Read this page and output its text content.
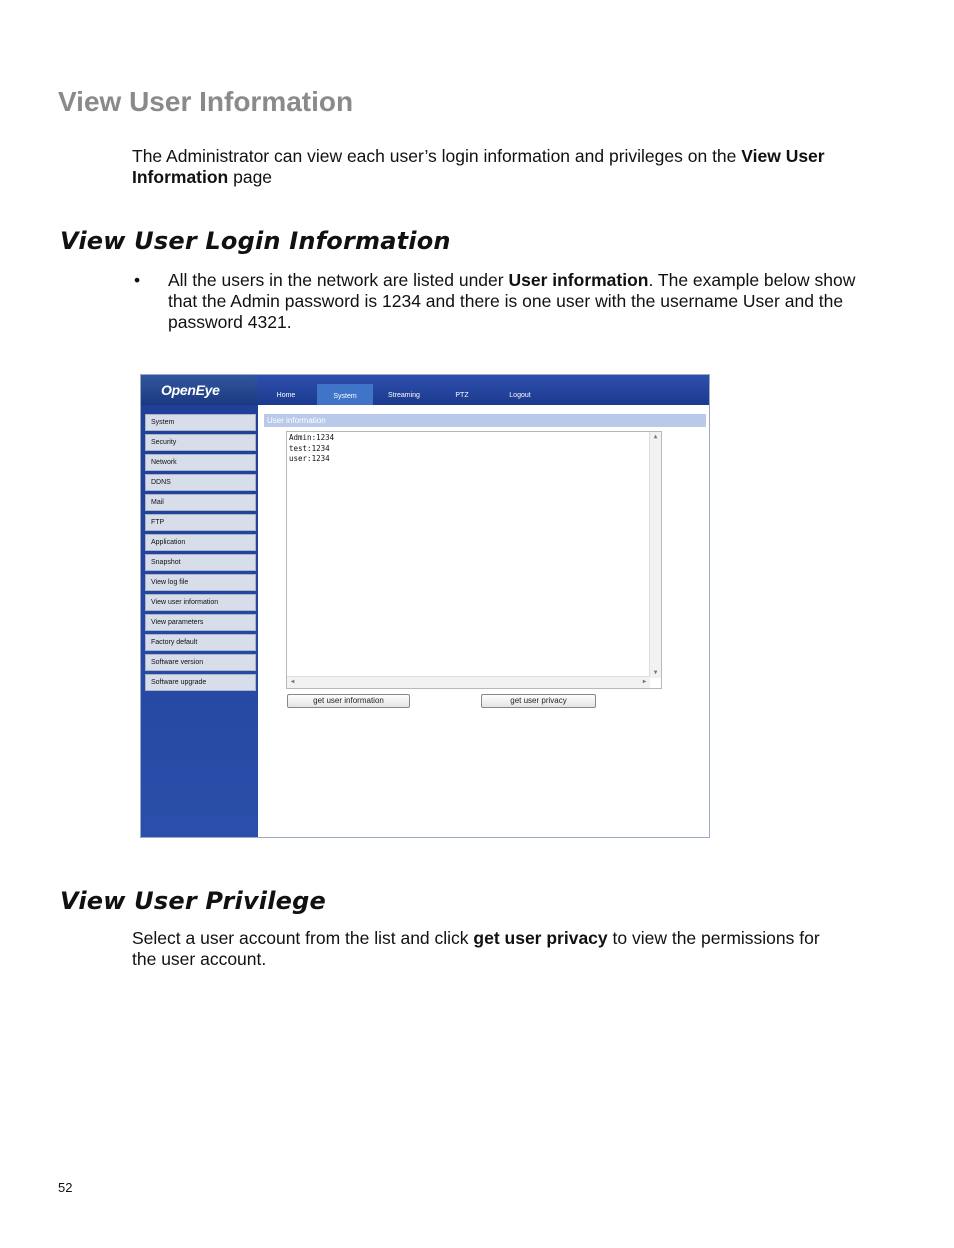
View User Information
The Administrator can view each user’s login information and privileges on the View User Information page
View User Login Information
• All the users in the network are listed under User information. The example below show that the Admin password is 1234 and there is one user with the username User and the password 4321.
OpenEye	Home	System	Streaming	PTZ	Logout
System
Security
Network
DDNS
Mail
FTP
Application
Snapshot
View log file
View user information
View parameters
Factory default
Software version
Software upgrade
User information
Admin:1234
test:1234
user:1234
▲
▼
◀	▶
get user information	get user privacy
View User Privilege
Select a user account from the list and click get user privacy to view the permissions for the user account.
52
